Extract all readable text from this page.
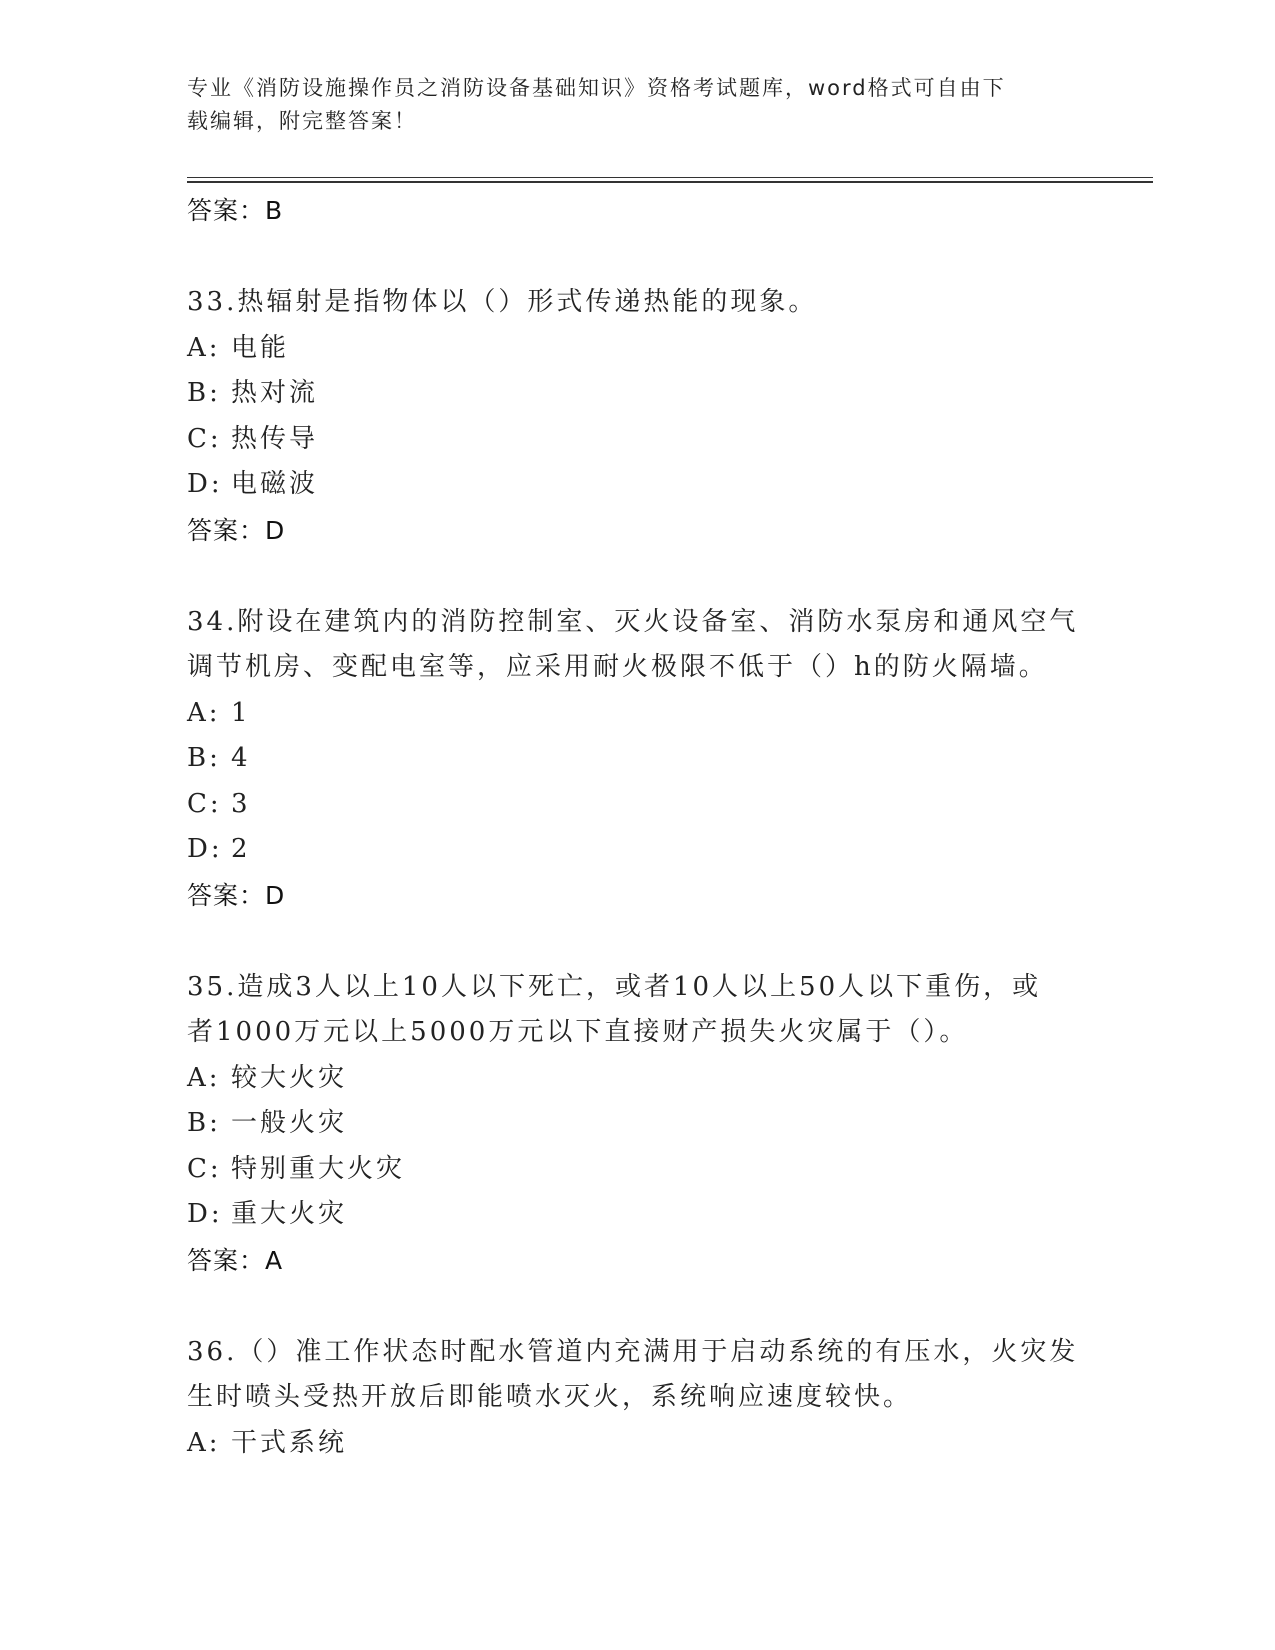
专业《消防设施操作员之消防设备基础知识》资格考试题库，word格式可自由下
载编辑，附完整答案！
答案：B
33.热辐射是指物体以（）形式传递热能的现象。
A: 电能
B: 热对流
C: 热传导
D: 电磁波
答案：D
34.附设在建筑内的消防控制室、灭火设备室、消防水泵房和通风空气
调节机房、变配电室等，应采用耐火极限不低于（）h的防火隔墙。
A: 1
B: 4
C: 3
D: 2
答案：D
35.造成3人以上10人以下死亡，或者10人以上50人以下重伤，或
者1000万元以上5000万元以下直接财产损失火灾属于（）。
A: 较大火灾
B: 一般火灾
C: 特别重大火灾
D: 重大火灾
答案：A
36.（）准工作状态时配水管道内充满用于启动系统的有压水，火灾发
生时喷头受热开放后即能喷水灭火，系统响应速度较快。
A: 干式系统
